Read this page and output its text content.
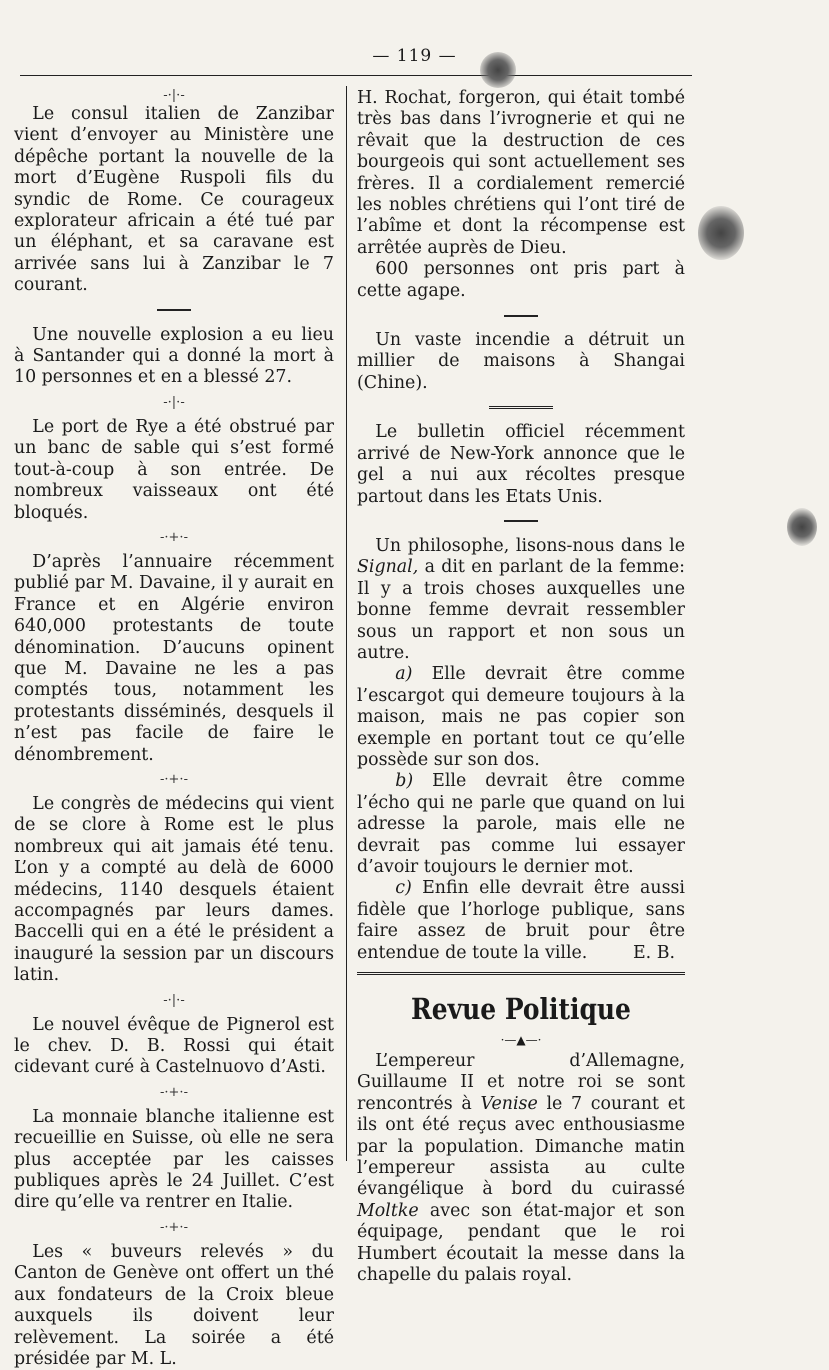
— 119 —
-·|·-

Le consul italien de Zanzibar vient d’envoyer au Ministère une dépêche portant la nouvelle de la mort d’Eugène Ruspoli fils du syndic de Rome. Ce courageux explorateur africain a été tué par un éléphant, et sa caravane est arrivée sans lui à Zanzibar le 7 courant.

Une nouvelle explosion a eu lieu à Santander qui a donné la mort à 10 personnes et en a blessé 27.

-·|·-

Le port de Rye a été obstrué par un banc de sable qui s’est formé tout-à-coup à son entrée. De nombreux vaisseaux ont été bloqués.

-·+·-

D’après l’annuaire récemment publié par M. Davaine, il y aurait en France et en Algérie environ 640,000 protestants de toute dénomination. D’aucuns opinent que M. Davaine ne les a pas comptés tous, notamment les protestants disséminés, desquels il n’est pas facile de faire le dénombrement.

-·+·-

Le congrès de médecins qui vient de se clore à Rome est le plus nombreux qui ait jamais été tenu. L’on y a compté au delà de 6000 médecins, 1140 desquels étaient accompagnés par leurs dames. Baccelli qui en a été le président a inauguré la session par un discours latin.

-·|·-

Le nouvel évêque de Pignerol est le chev. D. B. Rossi qui était cidevant curé à Castelnuovo d’Asti.

-·+·-

La monnaie blanche italienne est recueillie en Suisse, où elle ne sera plus acceptée par les caisses publiques après le 24 Juillet. C’est dire qu’elle va rentrer en Italie.

-·+·-

Les « buveurs relevés » du Canton de Genève ont offert un thé aux fondateurs de la Croix bleue auxquels ils doivent leur relèvement. La soirée a été présidée par M. L.

H. Rochat, forgeron, qui était tombé très bas dans l’ivrognerie et qui ne rêvait que la destruction de ces bourgeois qui sont actuellement ses frères. Il a cordialement remercié les nobles chrétiens qui l’ont tiré de l’abîme et dont la récompense est arrêtée auprès de Dieu.

600 personnes ont pris part à cette agape.

Un vaste incendie a détruit un millier de maisons à Shangai (Chine).

Le bulletin officiel récemment arrivé de New-York annonce que le gel a nui aux récoltes presque partout dans les Etats Unis.

Un philosophe, lisons-nous dans le Signal, a dit en parlant de la femme: Il y a trois choses auxquelles une bonne femme devrait ressembler sous un rapport et non sous un autre.

a) Elle devrait être comme l’escargot qui demeure toujours à la maison, mais ne pas copier son exemple en portant tout ce qu’elle possède sur son dos.

b) Elle devrait être comme l’écho qui ne parle que quand on lui adresse la parole, mais elle ne devrait pas comme lui essayer d’avoir toujours le dernier mot.

c) Enfin elle devrait être aussi fidèle que l’horloge publique, sans faire assez de bruit pour être entendue de toute la ville.	E. B.

Revue Politique
·—▲—·

L’empereur d’Allemagne, Guillaume II et notre roi se sont rencontrés à Venise le 7 courant et ils ont été reçus avec enthousiasme par la population. Dimanche matin l’empereur assista au culte évangélique à bord du cuirassé Moltke avec son état-major et son équipage, pendant que le roi Humbert écoutait la messe dans la chapelle du palais royal.
